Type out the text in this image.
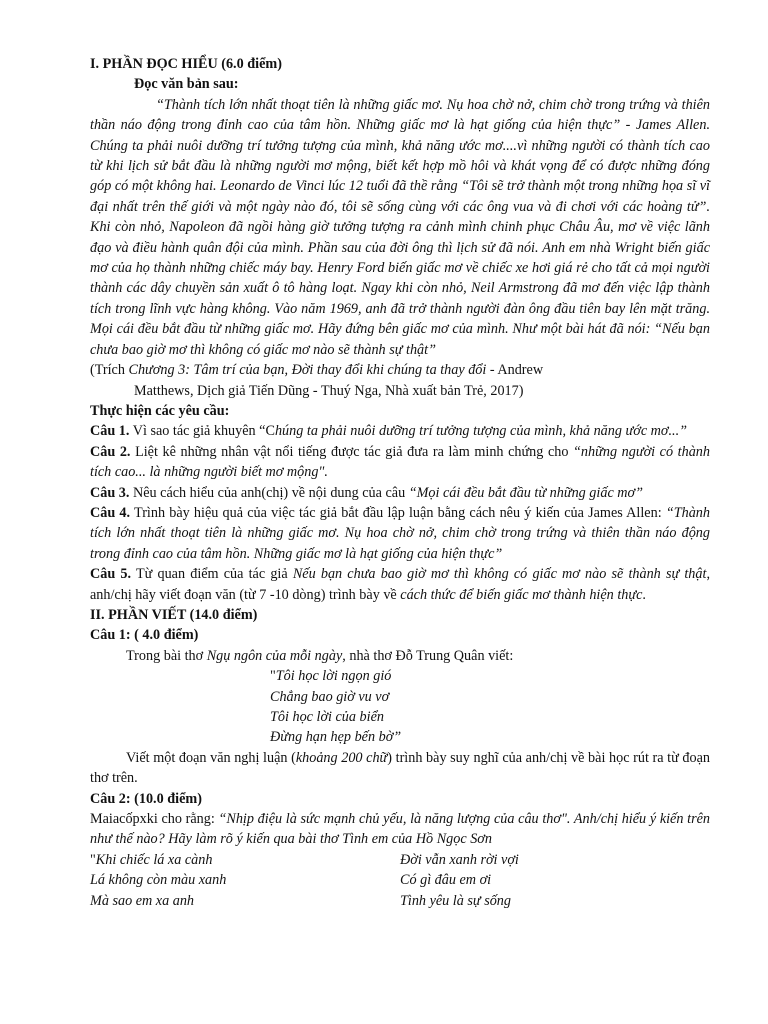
I. PHẦN ĐỌC HIỂU (6.0 điểm)

Đọc văn bản sau:

“Thành tích lớn nhất thoạt tiên là những giấc mơ. Nụ hoa chờ nở, chim chờ trong trứng và thiên thần náo động trong đỉnh cao của tâm hồn. Những giấc mơ là hạt giống của hiện thực” - James Allen. Chúng ta phải nuôi dưỡng trí tưởng tượng của mình, khả năng ước mơ....vì những người có thành tích cao từ khi lịch sử bắt đầu là những người mơ mộng, biết kết hợp mồ hôi và khát vọng để có được những đóng góp có một không hai. Leonardo de Vinci lúc 12 tuổi đã thề rằng “Tôi sẽ trở thành một trong những họa sĩ vĩ đại nhất trên thế giới và một ngày nào đó, tôi sẽ sống cùng với các ông vua và đi chơi với các hoàng tử”. Khi còn nhỏ, Napoleon đã ngồi hàng giờ tưởng tượng ra cảnh mình chinh phục Châu Âu, mơ về việc lãnh đạo và điều hành quân đội của mình. Phần sau của đời ông thì lịch sử đã nói. Anh em nhà Wright biến giấc mơ của họ thành những chiếc máy bay. Henry Ford biến giấc mơ về chiếc xe hơi giá rẻ cho tất cả mọi người thành các dây chuyền sản xuất ô tô hàng loạt. Ngay khi còn nhỏ, Neil Armstrong đã mơ đến việc lập thành tích trong lĩnh vực hàng không. Vào năm 1969, anh đã trở thành người đàn ông đầu tiên bay lên mặt trăng. Mọi cái đều bắt đầu từ những giấc mơ. Hãy đứng bên giấc mơ của mình. Như một bài hát đã nói: “Nếu bạn chưa bao giờ mơ thì không có giấc mơ nào sẽ thành sự thật”

(Trích Chương 3: Tâm trí của bạn, Đời thay đổi khi chúng ta thay đổi - Andrew

Matthews, Dịch giả Tiến Dũng - Thuý Nga, Nhà xuất bản Trẻ, 2017)

Thực hiện các yêu cầu:

Câu 1. Vì sao tác giả khuyên “Chúng ta phải nuôi dưỡng trí tưởng tượng của mình, khả năng ước mơ...”

Câu 2. Liệt kê những nhân vật nổi tiếng được tác giả đưa ra làm minh chứng cho “những người có thành tích cao... là những người biết mơ mộng".

Câu 3. Nêu cách hiểu của anh(chị) về nội dung của câu “Mọi cái đều bắt đầu từ những giấc mơ”

Câu 4. Trình bày hiệu quả của việc tác giả bắt đầu lập luận bằng cách nêu ý kiến của James Allen: “Thành tích lớn nhất thoạt tiên là những giấc mơ. Nụ hoa chờ nở, chim chờ trong trứng và thiên thần náo động trong đỉnh cao của tâm hồn. Những giấc mơ là hạt giống của hiện thực”

Câu 5. Từ quan điểm của tác giả Nếu bạn chưa bao giờ mơ thì không có giấc mơ nào sẽ thành sự thật, anh/chị hãy viết đoạn văn (từ 7 -10 dòng) trình bày về cách thức để biến giấc mơ thành hiện thực.

II. PHẦN VIẾT (14.0 điểm)

Câu 1: ( 4.0 điểm)

Trong bài thơ Ngụ ngôn của mỗi ngày, nhà thơ Đỗ Trung Quân viết:

"Tôi học lời ngọn gió

Chẳng bao giờ vu vơ

Tôi học lời của biển

Đừng hạn hẹp bến bờ”

Viết một đoạn văn nghị luận (khoảng 200 chữ) trình bày suy nghĩ của anh/chị về bài học rút ra từ đoạn thơ trên.

Câu 2: (10.0 điểm)

Maiacốpxki cho rằng: “Nhịp điệu là sức mạnh chủ yếu, là năng lượng của câu thơ". Anh/chị hiểu ý kiến trên như thế nào? Hãy làm rõ ý kiến qua bài thơ Tình em của Hồ Ngọc Sơn

"Khi chiếc lá xa cành

Lá không còn màu xanh

Mà sao em xa anh

Đời vẫn xanh rời vợi

Có gì đâu em ơi

Tình yêu là sự sống
